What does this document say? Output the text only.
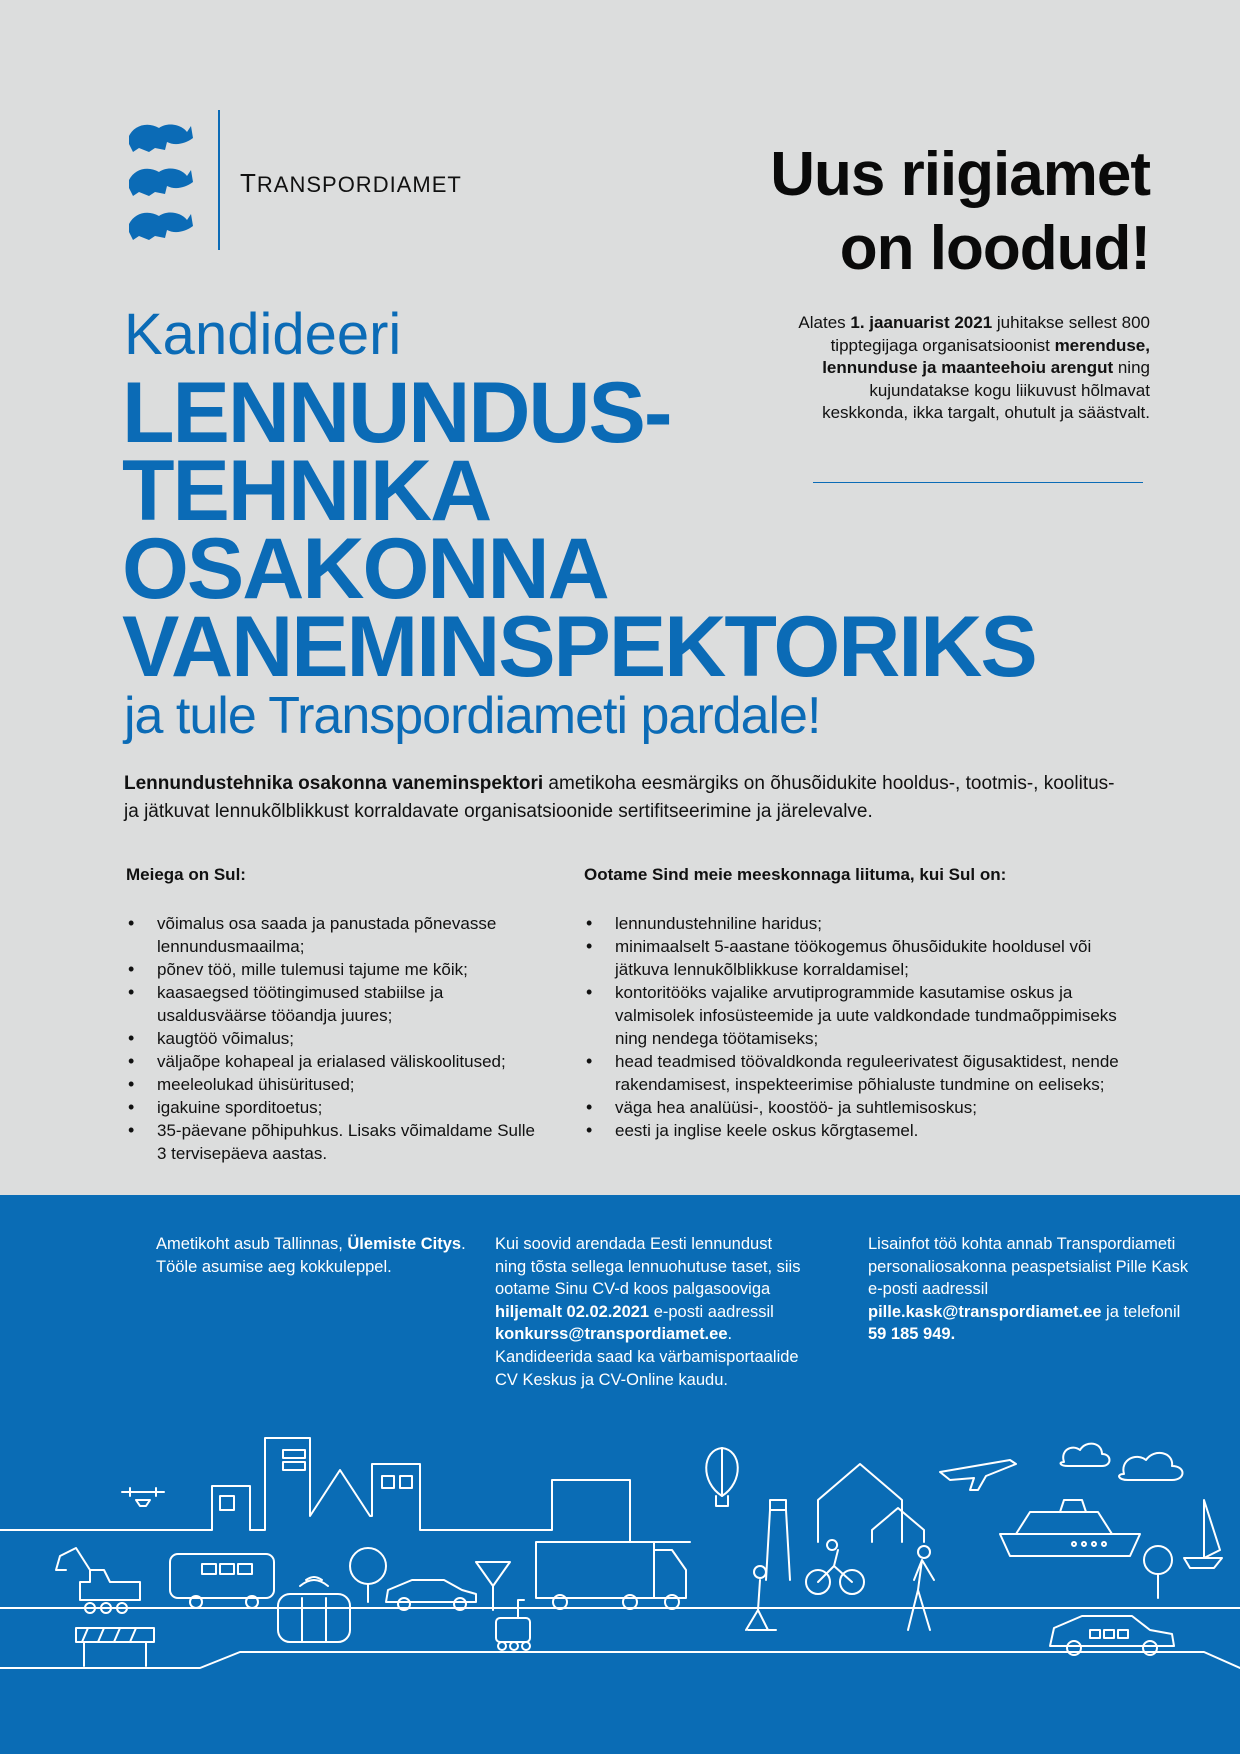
TRANSPORDIAMET	Uus riigiamet
on loodud!
Alates 1. jaanuarist 2021 juhitakse sellest 800 tipptegijaga organisatsioonist merenduse, lennunduse ja maanteehoiu arengut ning kujundatakse kogu liikuvust hõlmavat keskkonda, ikka targalt, ohutult ja säästvalt.
Kandideeri
LENNUNDUS-
TEHNIKA
OSAKONNA
VANEMINSPEKTORIKS
ja tule Transpordiameti pardale!
Lennundustehnika osakonna vaneminspektori ametikoha eesmärgiks on õhusõidukite hooldus-, tootmis-, koolitus- ja jätkuvat lennukõlblikkust korraldavate organisatsioonide sertifitseerimine ja järelevalve.
Meiega on Sul:
• võimalus osa saada ja panustada põnevasse lennundusmaailma;
• põnev töö, mille tulemusi tajume me kõik;
• kaasaegsed töötingimused stabiilse ja usaldusväärse tööandja juures;
• kaugtöö võimalus;
• väljaõpe kohapeal ja erialased väliskoolitused;
• meeleolukad ühisüritused;
• igakuine sporditoetus;
• 35-päevane põhipuhkus. Lisaks võimaldame Sulle 3 tervisepäeva aastas.
Ootame Sind meie meeskonnaga liituma, kui Sul on:
• lennundustehniline haridus;
• minimaalselt 5-aastane töökogemus õhusõidukite hooldusel või jätkuva lennukõlblikkuse korraldamisel;
• kontoritööks vajalike arvutiprogrammide kasutamise oskus ja valmisolek infosüsteemide ja uute valdkondade tundmaõppimiseks ning nendega töötamiseks;
• head teadmised töövaldkonda reguleerivatest õigusaktidest, nende rakendamisest, inspekteerimise põhialuste tundmine on eeliseks;
• väga hea analüüsi-, koostöö- ja suhtlemisoskus;
• eesti ja inglise keele oskus kõrgtasemel.
Ametikoht asub Tallinnas, Ülemiste Citys. Tööle asumise aeg kokkuleppel.
Kui soovid arendada Eesti lennundust ning tõsta sellega lennuohutuse taset, siis ootame Sinu CV-d koos palgasooviga hiljemalt 02.02.2021 e-posti aadressil konkurss@transpordiamet.ee. Kandideerida saad ka värbamisportaalide CV Keskus ja CV-Online kaudu.
Lisainfot töö kohta annab Transpordiameti personaliosakonna peaspetsialist Pille Kask e-posti aadressil pille.kask@transpordiamet.ee ja telefonil 59 185 949.
